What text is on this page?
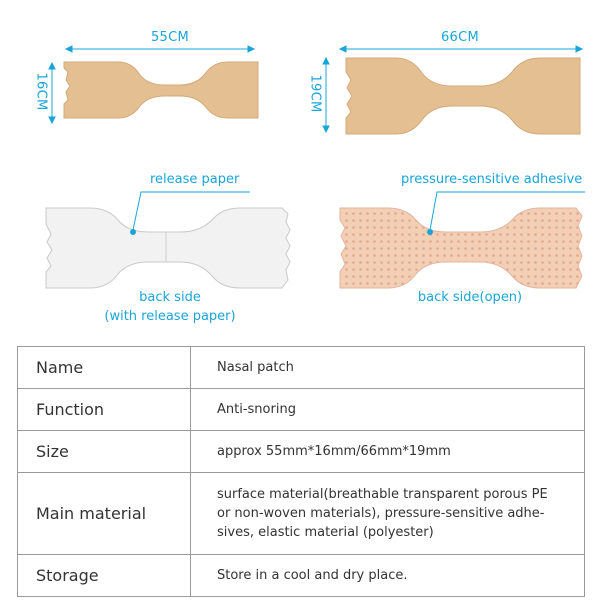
55CM
16CM
66CM
19CM
release paper	pressure-sensitive adhesive
back side
(with release paper)
back side(open)
Name	Nasal patch
Function	Anti-snoring
Size	approx 55mm*16mm/66mm*19mm
Main material	surface material(breathable transparent porous PE
or non-woven materials), pressure-sensitive adhe-
sives, elastic material (polyester)

Storage	Store in a cool and dry place.
